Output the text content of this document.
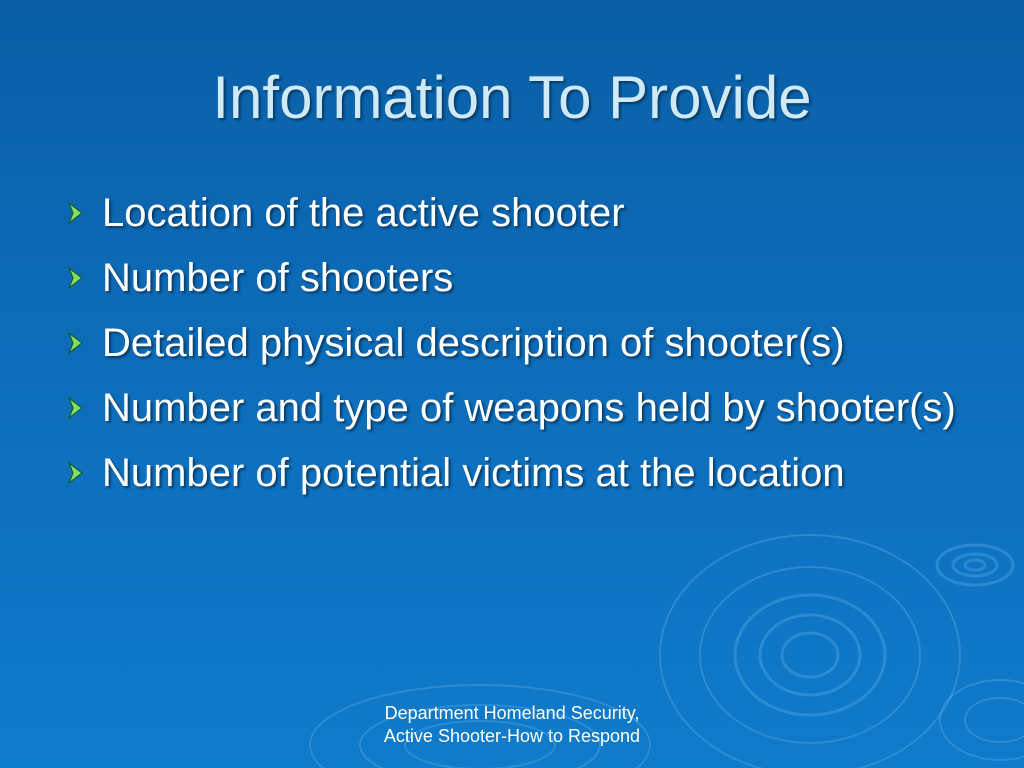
Information To Provide
Location of the active shooter
Number of shooters
Detailed physical description of shooter(s)
Number and type of weapons held by shooter(s)
Number of potential victims at the location
Department Homeland Security,
Active Shooter-How to Respond
